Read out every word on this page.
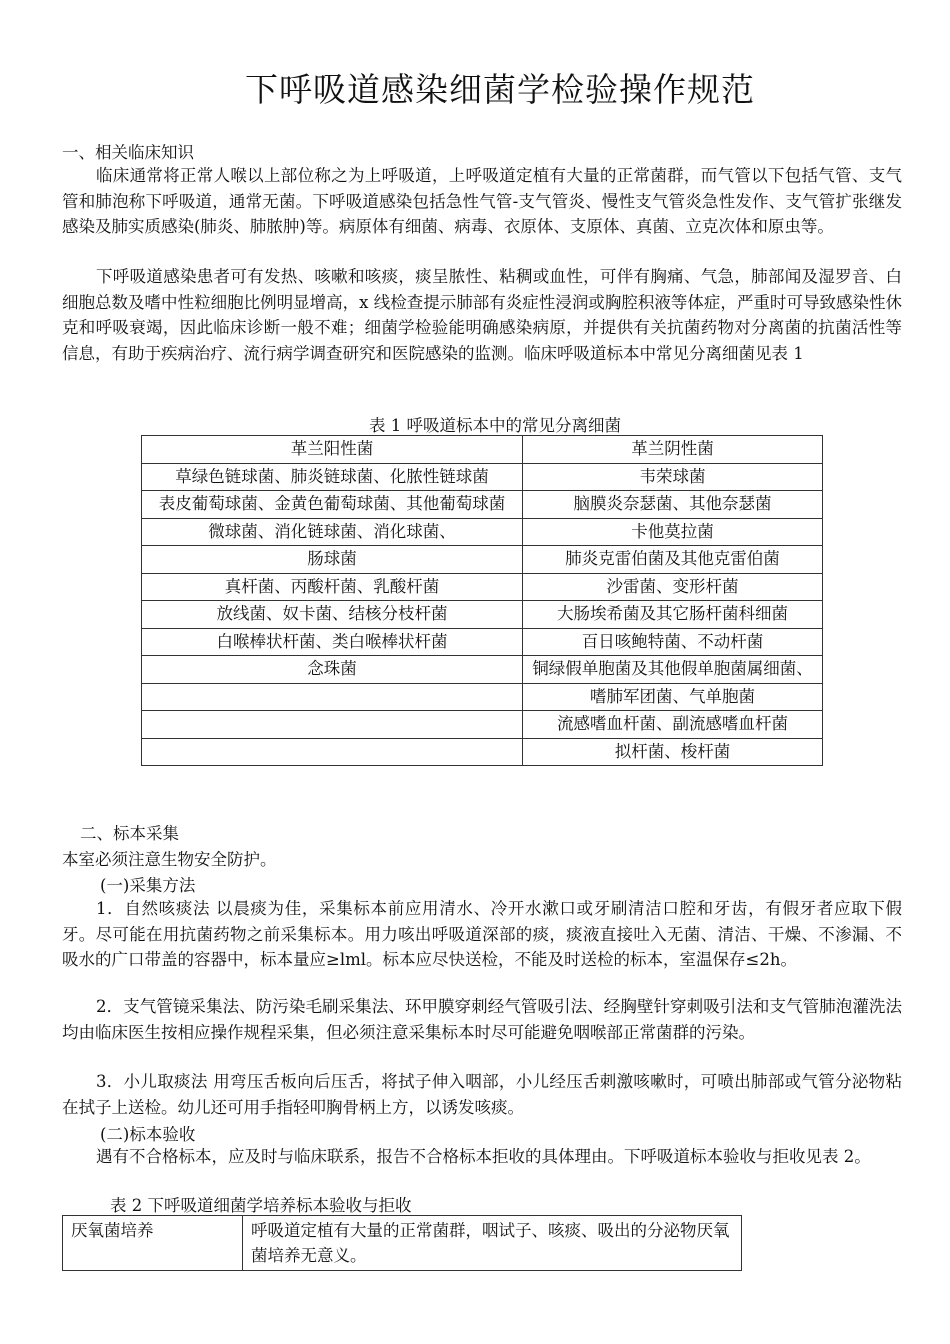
下呼吸道感染细菌学检验操作规范
一、相关临床知识

临床通常将正常人喉以上部位称之为上呼吸道，上呼吸道定植有大量的正常菌群，而气管以下包括气管、支气管和肺泡称下呼吸道，通常无菌。下呼吸道感染包括急性气管-支气管炎、慢性支气管炎急性发作、支气管扩张继发感染及肺实质感染(肺炎、肺脓肿)等。病原体有细菌、病毒、衣原体、支原体、真菌、立克次体和原虫等。

下呼吸道感染患者可有发热、咳嗽和咳痰，痰呈脓性、粘稠或血性，可伴有胸痛、气急，肺部闻及湿罗音、白细胞总数及嗜中性粒细胞比例明显增高，x 线检查提示肺部有炎症性浸润或胸腔积液等体症，严重时可导致感染性休克和呼吸衰竭，因此临床诊断一般不难；细菌学检验能明确感染病原，并提供有关抗菌药物对分离菌的抗菌活性等信息，有助于疾病治疗、流行病学调查研究和医院感染的监测。临床呼吸道标本中常见分离细菌见表 1

表 1 呼吸道标本中的常见分离细菌
革兰阳性菌	革兰阴性菌
草绿色链球菌、肺炎链球菌、化脓性链球菌	韦荣球菌
表皮葡萄球菌、金黄色葡萄球菌、其他葡萄球菌	脑膜炎奈瑟菌、其他奈瑟菌
微球菌、消化链球菌、消化球菌、	卡他莫拉菌
肠球菌	肺炎克雷伯菌及其他克雷伯菌
真杆菌、丙酸杆菌、乳酸杆菌	沙雷菌、变形杆菌
放线菌、奴卡菌、结核分枝杆菌	大肠埃希菌及其它肠杆菌科细菌
白喉棒状杆菌、类白喉棒状杆菌	百日咳鲍特菌、不动杆菌
念珠菌	铜绿假单胞菌及其他假单胞菌属细菌、
	嗜肺军团菌、气单胞菌
	流感嗜血杆菌、副流感嗜血杆菌
	拟杆菌、梭杆菌
二、标本采集
本室必须注意生物安全防护。
(一)采集方法

1．自然咳痰法 以晨痰为佳，采集标本前应用清水、冷开水漱口或牙刷清洁口腔和牙齿，有假牙者应取下假牙。尽可能在用抗菌药物之前采集标本。用力咳出呼吸道深部的痰，痰液直接吐入无菌、清洁、干燥、不渗漏、不吸水的广口带盖的容器中，标本量应≥lml。标本应尽快送检，不能及时送检的标本，室温保存≤2h。

2．支气管镜采集法、防污染毛刷采集法、环甲膜穿刺经气管吸引法、经胸壁针穿刺吸引法和支气管肺泡灌洗法均由临床医生按相应操作规程采集，但必须注意采集标本时尽可能避免咽喉部正常菌群的污染。

3．小儿取痰法 用弯压舌板向后压舌，将拭子伸入咽部，小儿经压舌刺激咳嗽时，可喷出肺部或气管分泌物粘在拭子上送检。幼儿还可用手指轻叩胸骨柄上方，以诱发咳痰。

(二)标本验收

遇有不合格标本，应及时与临床联系，报告不合格标本拒收的具体理由。下呼吸道标本验收与拒收见表 2。

表 2 下呼吸道细菌学培养标本验收与拒收
厌氧菌培养	呼吸道定植有大量的正常菌群，咽试子、咳痰、吸出的分泌物厌氧菌培养无意义。
